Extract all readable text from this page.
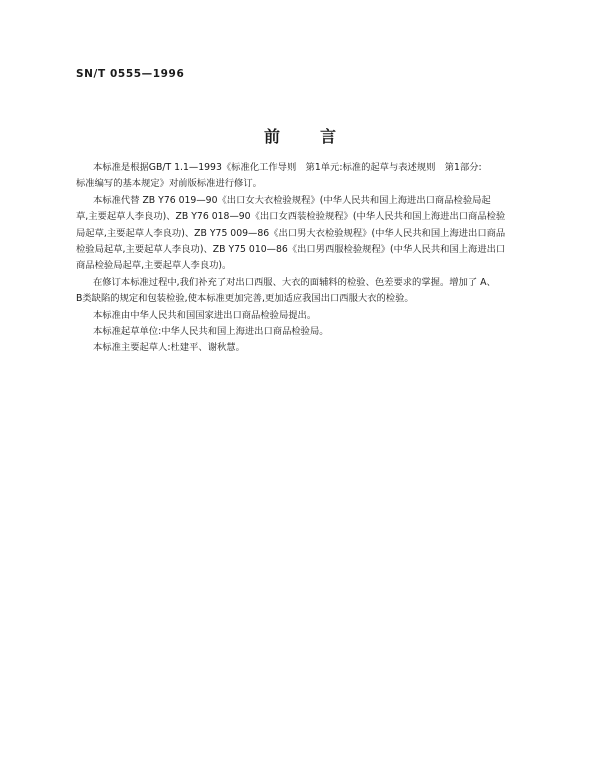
SN/T 0555—1996
前言
本标准是根据GB/T 1.1—1993《标准化工作导则　第1单元:标准的起草与表述规则　第1部分:
标准编写的基本规定》对前版标准进行修订。
本标准代替 ZB Y76 019—90《出口女大衣检验规程》(中华人民共和国上海进出口商品检验局起
草,主要起草人李良功)、ZB Y76 018—90《出口女西装检验规程》(中华人民共和国上海进出口商品检验
局起草,主要起草人李良功)、ZB Y75 009—86《出口男大衣检验规程》(中华人民共和国上海进出口商品
检验局起草,主要起草人李良功)、ZB Y75 010—86《出口男西服检验规程》(中华人民共和国上海进出口
商品检验局起草,主要起草人李良功)。
在修订本标准过程中,我们补充了对出口西服、大衣的面辅料的检验、色差要求的掌握。增加了 A、
B类缺陷的规定和包装检验,使本标准更加完善,更加适应我国出口西服大衣的检验。
本标准由中华人民共和国国家进出口商品检验局提出。
本标准起草单位:中华人民共和国上海进出口商品检验局。
本标准主要起草人:杜建平、谢秋慧。
